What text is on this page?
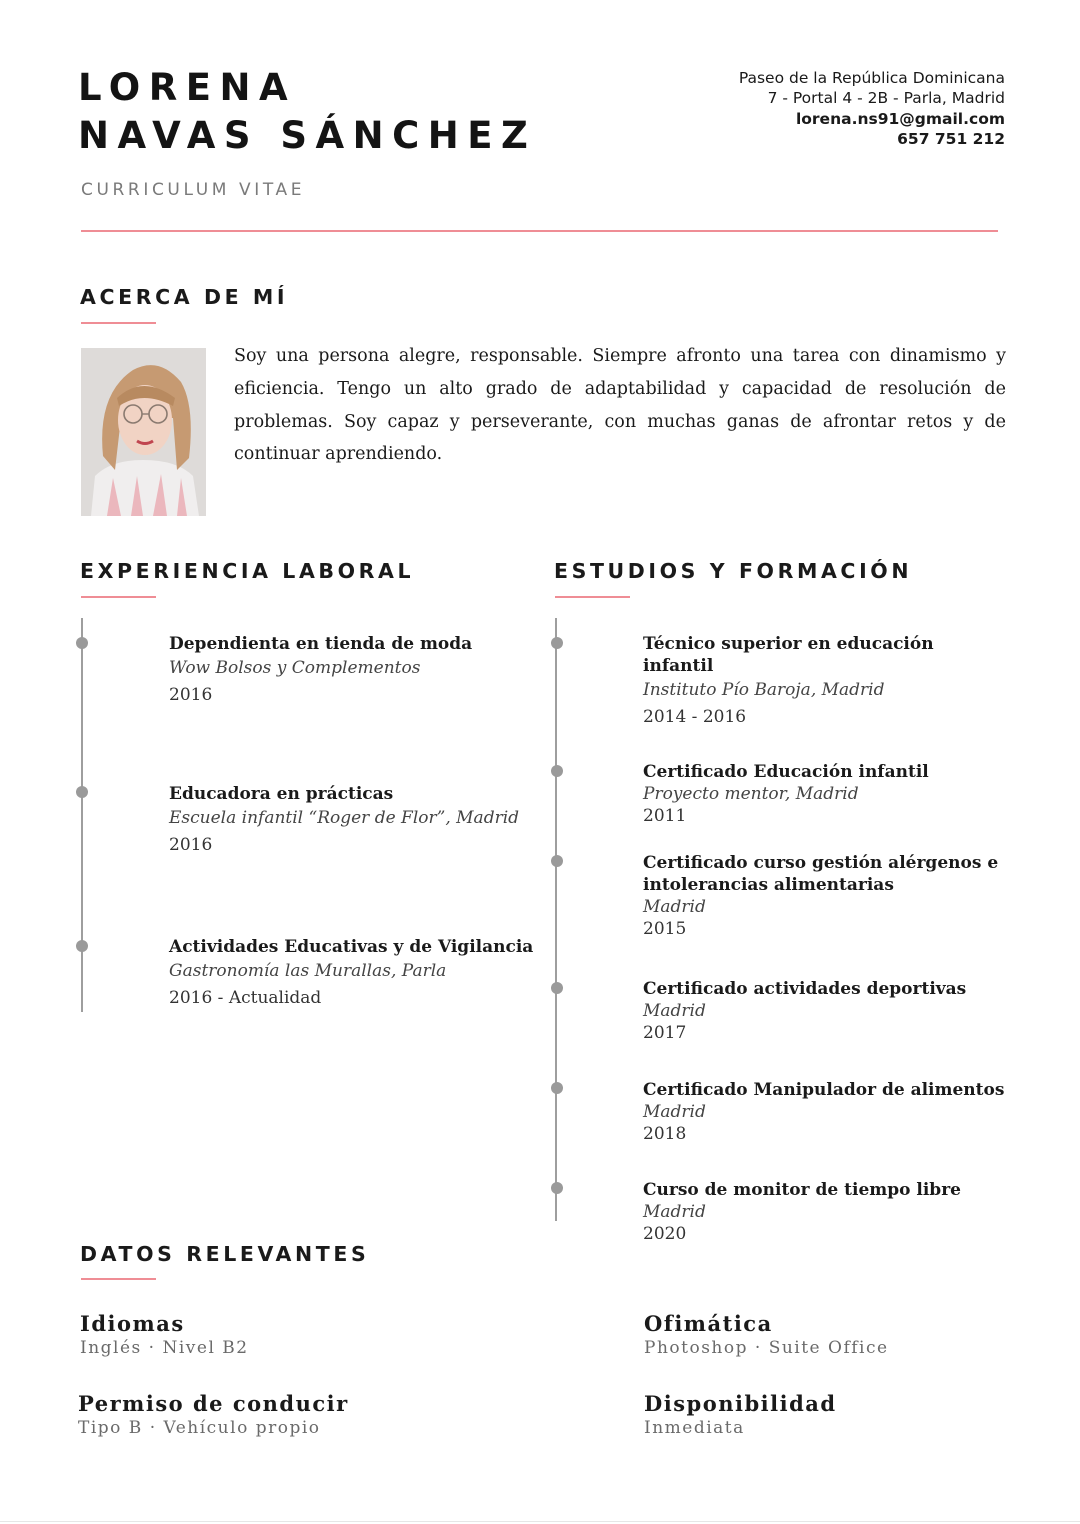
LORENA
NAVAS SÁNCHEZ
CURRICULUM VITAE
Paseo de la República Dominicana
7 - Portal 4 - 2B - Parla, Madrid
lorena.ns91@gmail.com
657 751 212
ACERCA DE MÍ

Soy una persona alegre, responsable. Siempre afronto una tarea con dinamismo y eficiencia. Tengo un alto grado de adaptabilidad y capacidad de resolución de problemas. Soy capaz y perseverante, con muchas ganas de afrontar retos y de continuar aprendiendo.

EXPERIENCIA LABORAL
Dependienta en tienda de moda
Wow Bolsos y Complementos
2016
Educadora en prácticas
Escuela infantil “Roger de Flor”, Madrid
2016
Actividades Educativas y de Vigilancia
Gastronomía las Murallas, Parla
2016 - Actualidad
ESTUDIOS Y FORMACIÓN
Técnico superior en educación infantil
Instituto Pío Baroja, Madrid
2014 - 2016
Certificado Educación infantil
Proyecto mentor, Madrid
2011
Certificado curso gestión alérgenos e intolerancias alimentarias
Madrid
2015
Certificado actividades deportivas
Madrid
2017
Certificado Manipulador de alimentos
Madrid
2018
Curso de monitor de tiempo libre
Madrid
2020
DATOS RELEVANTES
Idiomas
Inglés · Nivel B2
Ofimática
Photoshop · Suite Office
Permiso de conducir
Tipo B · Vehículo propio
Disponibilidad
Inmediata
